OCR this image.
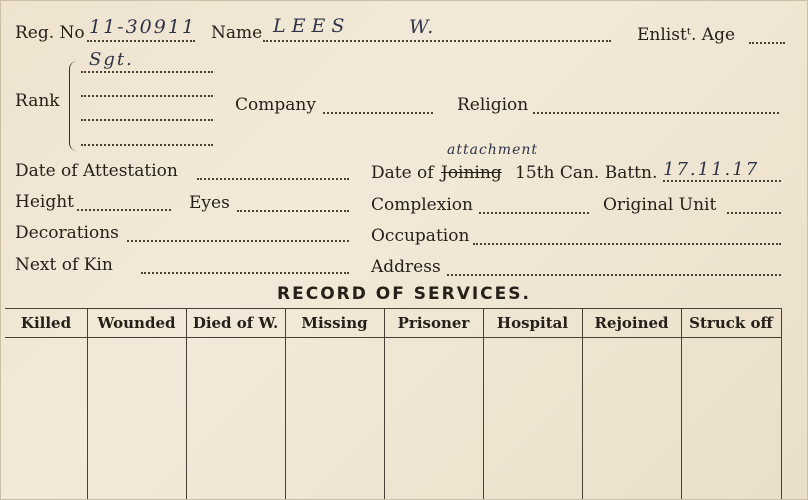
Reg. No 11-30911 Name LEES	W.	Enlistᵗ. Age
Rank
Sgt.
Company	Religion
Date of Attestation	Date of Joining
attachment
15th Can. Battn. 17.11.17
Height	Eyes	Complexion	Original Unit
Decorations	Occupation
Next of Kin	Address
RECORD OF SERVICES.
Killed	Wounded	Died of W.	Missing	Prisoner	Hospital	Rejoined	Struck off
